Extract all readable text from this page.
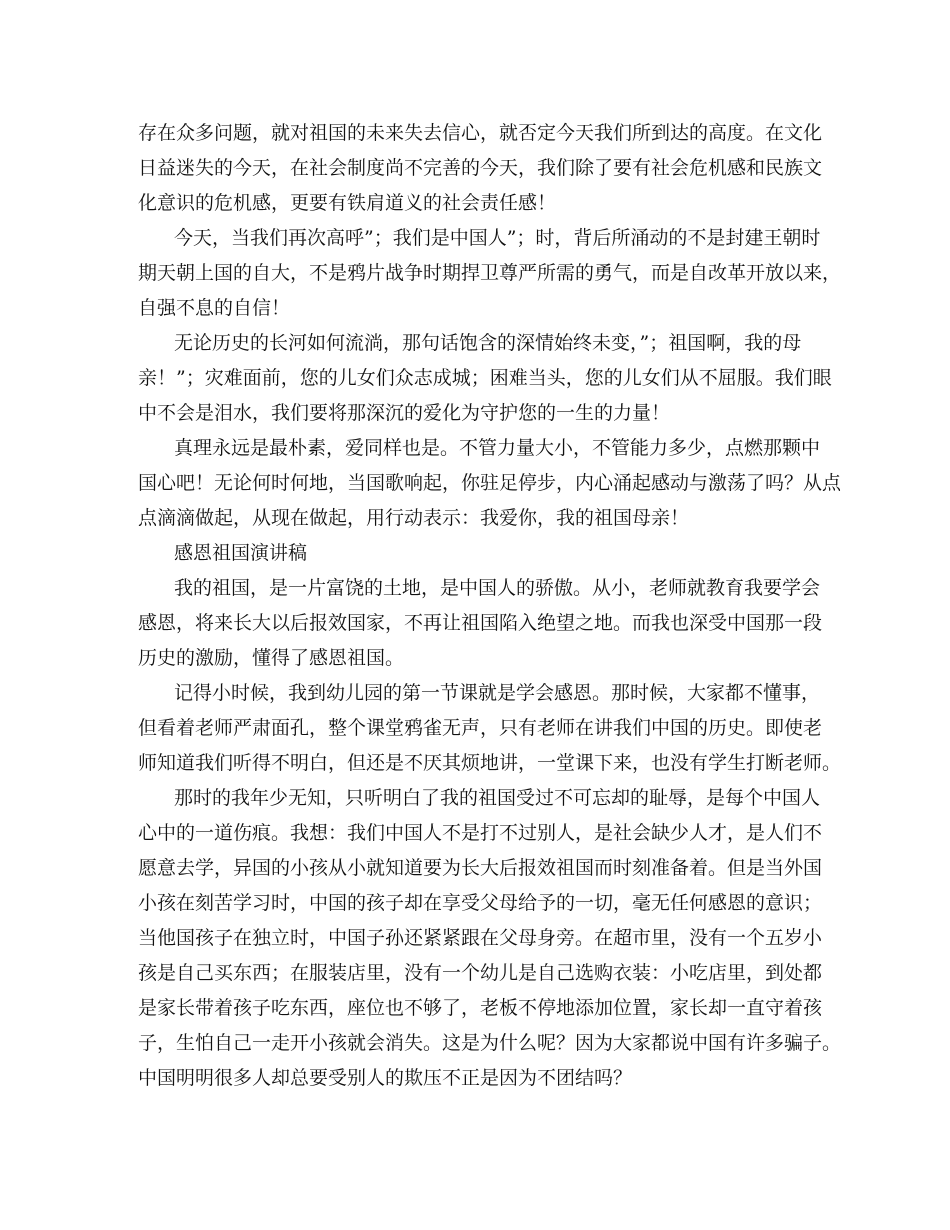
存在众多问题，就对祖国的未来失去信心，就否定今天我们所到达的高度。在文化
日益迷失的今天，在社会制度尚不完善的今天，我们除了要有社会危机感和民族文
化意识的危机感，更要有铁肩道义的社会责任感！
今天，当我们再次高呼”；我们是中国人”；时，背后所涌动的不是封建王朝时
期天朝上国的自大，不是鸦片战争时期捍卫尊严所需的勇气，而是自改革开放以来，
自强不息的自信！
无论历史的长河如何流淌，那句话饱含的深情始终未变，”；祖国啊，我的母
亲！”；灾难面前，您的儿女们众志成城；困难当头，您的儿女们从不屈服。我们眼
中不会是泪水，我们要将那深沉的爱化为守护您的一生的力量！
真理永远是最朴素，爱同样也是。不管力量大小，不管能力多少，点燃那颗中
国心吧！无论何时何地，当国歌响起，你驻足停步，内心涌起感动与激荡了吗？从点
点滴滴做起，从现在做起，用行动表示：我爱你，我的祖国母亲！
感恩祖国演讲稿
我的祖国，是一片富饶的土地，是中国人的骄傲。从小，老师就教育我要学会
感恩，将来长大以后报效国家，不再让祖国陷入绝望之地。而我也深受中国那一段
历史的激励，懂得了感恩祖国。
记得小时候，我到幼儿园的第一节课就是学会感恩。那时候，大家都不懂事，
但看着老师严肃面孔，整个课堂鸦雀无声，只有老师在讲我们中国的历史。即使老
师知道我们听得不明白，但还是不厌其烦地讲，一堂课下来，也没有学生打断老师。
那时的我年少无知，只听明白了我的祖国受过不可忘却的耻辱，是每个中国人
心中的一道伤痕。我想：我们中国人不是打不过别人，是社会缺少人才，是人们不
愿意去学，异国的小孩从小就知道要为长大后报效祖国而时刻准备着。但是当外国
小孩在刻苦学习时，中国的孩子却在享受父母给予的一切，毫无任何感恩的意识；
当他国孩子在独立时，中国子孙还紧紧跟在父母身旁。在超市里，没有一个五岁小
孩是自己买东西；在服装店里，没有一个幼儿是自己选购衣装：小吃店里，到处都
是家长带着孩子吃东西，座位也不够了，老板不停地添加位置，家长却一直守着孩
子，生怕自己一走开小孩就会消失。这是为什么呢？因为大家都说中国有许多骗子。
中国明明很多人却总要受别人的欺压不正是因为不团结吗？
